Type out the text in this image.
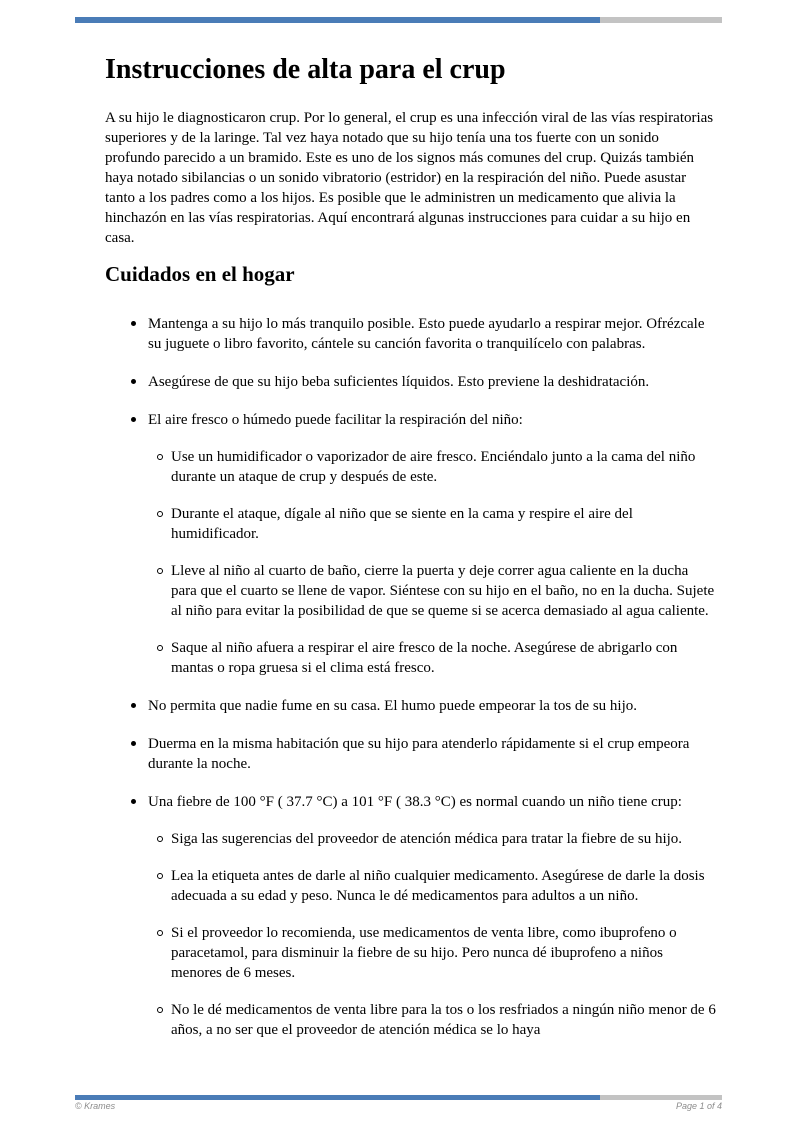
Instrucciones de alta para el crup

A su hijo le diagnosticaron crup. Por lo general, el crup es una infección viral de las vías respiratorias superiores y de la laringe. Tal vez haya notado que su hijo tenía una tos fuerte con un sonido profundo parecido a un bramido. Este es uno de los signos más comunes del crup. Quizás también haya notado sibilancias o un sonido vibratorio (estridor) en la respiración del niño. Puede asustar tanto a los padres como a los hijos. Es posible que le administren un medicamento que alivia la hinchazón en las vías respiratorias. Aquí encontrará algunas instrucciones para cuidar a su hijo en casa.

Cuidados en el hogar
Mantenga a su hijo lo más tranquilo posible. Esto puede ayudarlo a respirar mejor. Ofrézcale su juguete o libro favorito, cántele su canción favorita o tranquilícelo con palabras.
Asegúrese de que su hijo beba suficientes líquidos. Esto previene la deshidratación.
El aire fresco o húmedo puede facilitar la respiración del niño:
Use un humidificador o vaporizador de aire fresco. Enciéndalo junto a la cama del niño durante un ataque de crup y después de este.
Durante el ataque, dígale al niño que se siente en la cama y respire el aire del humidificador.
Lleve al niño al cuarto de baño, cierre la puerta y deje correr agua caliente en la ducha para que el cuarto se llene de vapor. Siéntese con su hijo en el baño, no en la ducha. Sujete al niño para evitar la posibilidad de que se queme si se acerca demasiado al agua caliente.
Saque al niño afuera a respirar el aire fresco de la noche. Asegúrese de abrigarlo con mantas o ropa gruesa si el clima está fresco.
No permita que nadie fume en su casa. El humo puede empeorar la tos de su hijo.
Duerma en la misma habitación que su hijo para atenderlo rápidamente si el crup empeora durante la noche.
Una fiebre de 100 °F ( 37.7 °C) a 101 °F ( 38.3 °C) es normal cuando un niño tiene crup:
Siga las sugerencias del proveedor de atención médica para tratar la fiebre de su hijo.
Lea la etiqueta antes de darle al niño cualquier medicamento. Asegúrese de darle la dosis adecuada a su edad y peso. Nunca le dé medicamentos para adultos a un niño.
Si el proveedor lo recomienda, use medicamentos de venta libre, como ibuprofeno o paracetamol, para disminuir la fiebre de su hijo. Pero nunca dé ibuprofeno a niños menores de 6 meses.
No le dé medicamentos de venta libre para la tos o los resfriados a ningún niño menor de 6 años, a no ser que el proveedor de atención médica se lo haya
© Krames	Page 1 of 4
